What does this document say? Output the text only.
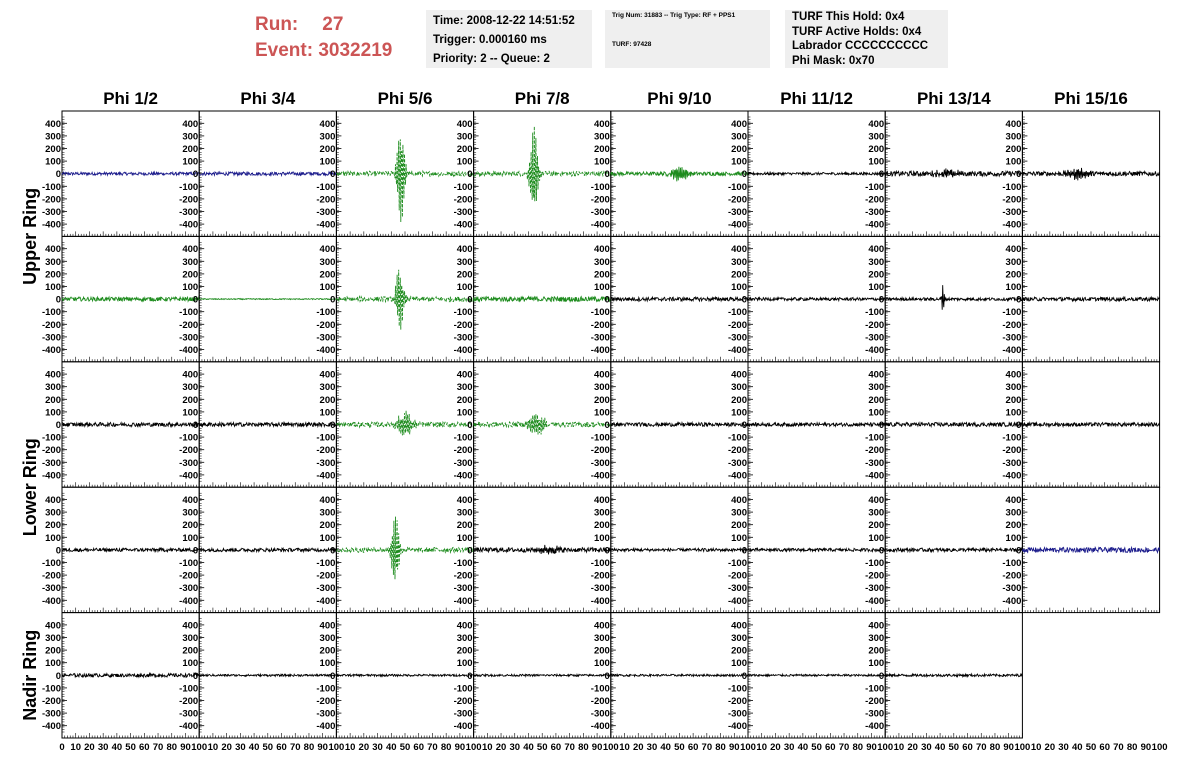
Run: 27
Event: 3032219
Time: 2008-12-22 14:51:52
Trigger: 0.000160 ms
Priority: 2 -- Queue: 2
Trig Num: 31883 -- Trig Type: RF + PPS1
TURF: 97428
TURF This Hold: 0x4
TURF Active Holds: 0x4
Labrador CCCCCCCCCC
Phi Mask: 0x70
Phi 1/2	Phi 3/4	Phi 5/6	Phi 7/8	Phi 9/10	Phi 11/12	Phi 13/14	Phi 15/16
Upper Ring
Lower Ring
Nadir Ring
400
300
200
100
0
-100
-200
-300
-400
400
300
200
100
0
-100
-200
-300
-400
400
300
200
100
0
-100
-200
-300
-400
400
300
200
100
0
-100
-200
-300
-400
400
300
200
100
0
-100
-200
-300
-400
400
300
200
100
0
-100
-200
-300
-400
400
300
200
100
0
-100
-200
-300
-400
400
300
200
100
0
-100
-200
-300
-400
400
300
200
100
0
-100
-200
-300
-400
400
300
200
100
0
-100
-200
-300
-400
400
300
200
100
0
-100
-200
-300
-400
400
300
200
100
0
-100
-200
-300
-400
400
300
200
100
0
-100
-200
-300
-400
400
300
200
100
0
-100
-200
-300
-400
400
300
200
100
0
-100
-200
-300
-400
400
300
200
100
0
-100
-200
-300
-400
400
300
200
100
0
-100
-200
-300
-400
400
300
200
100
0
-100
-200
-300
-400
400
300
200
100
0
-100
-200
-300
-400
400
300
200
100
0
-100
-200
-300
-400
400
300
200
100
0
-100
-200
-300
-400
400
300
200
100
0
-100
-200
-300
-400
400
300
200
100
0
-100
-200
-300
-400
400
300
200
100
0
-100
-200
-300
-400
400
300
200
100
0
-100
-200
-300
-400
400
300
200
100
0
-100
-200
-300
-400
400
300
200
100
0
-100
-200
-300
-400
400
300
200
100
0
-100
-200
-300
-400
400
300
200
100
0
-100
-200
-300
-400
400
300
200
100
0
-100
-200
-300
-400
400
300
200
100
0
-100
-200
-300
-400
400
300
200
100
0
-100
-200
-300
-400
400
300
200
100
0
-100
-200
-300
-400
400
300
200
100
0
-100
-200
-300
-400
400
300
200
100
0
-100
-200
-300
-400
400
300
200
100
0
-100
-200
-300
-400
400
300
200
100
0
-100
-200
-300
-400
400
300
200
100
0
-100
-200
-300
-400
400
300
200
100
0
-100
-200
-300
-400
0 10 20 30 40 50 60 70 80 90 100 10 20 30 40 50 60 70 80 90 100 10 20 30 40 50 60 70 80 90 100 10 20 30 40 50 60 70 80 90 100 10 20 30 40 50 60 70 80 90 100 10 20 30 40 50 60 70 80 90 100 10 20 30 40 50 60 70 80 90 100 10 20 30 40 50 60 70 80 90 100
